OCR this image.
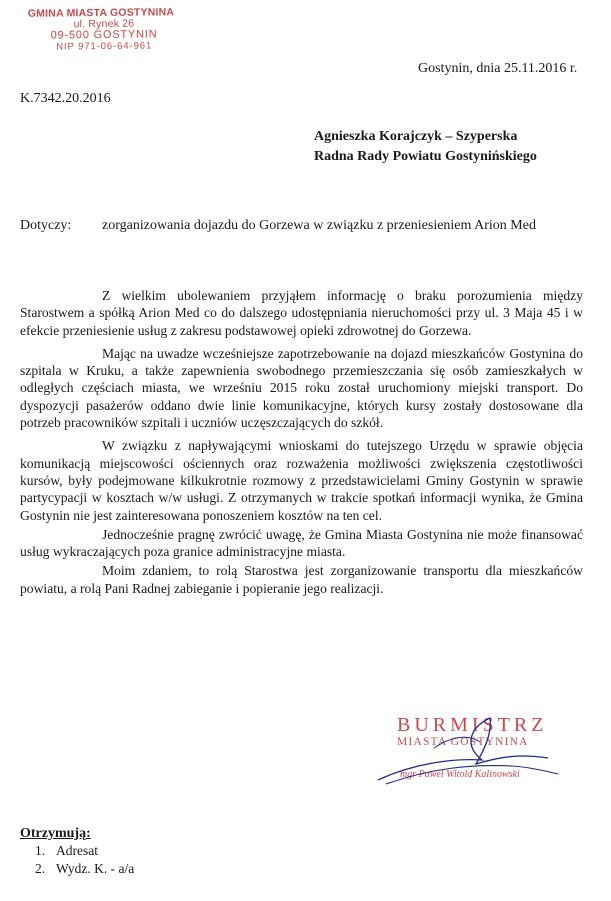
GMINA MIASTA GOSTYNINA
ul. Rynek 26
09-500 GOSTYNIN
NIP 971-06-64-961
Gostynin, dnia 25.11.2016 r.
K.7342.20.2016
Agnieszka Korajczyk – Szyperska
Radna Rady Powiatu Gostynińskiego
Dotyczy: zorganizowania dojazdu do Gorzewa w związku z przeniesieniem Arion Med

Z wielkim ubolewaniem przyjąłem informację o braku porozumienia między Starostwem a spółką Arion Med co do dalszego udostępniania nieruchomości przy ul. 3 Maja 45 i w efekcie przeniesienie usług z zakresu podstawowej opieki zdrowotnej do Gorzewa.

Mając na uwadze wcześniejsze zapotrzebowanie na dojazd mieszkańców Gostynina do szpitala w Kruku, a także zapewnienia swobodnego przemieszczania się osób zamieszkałych w odległych częściach miasta, we wrześniu 2015 roku został uruchomiony miejski transport. Do dyspozycji pasażerów oddano dwie linie komunikacyjne, których kursy zostały dostosowane dla potrzeb pracowników szpitali i uczniów uczęszczających do szkół.

W związku z napływającymi wnioskami do tutejszego Urzędu w sprawie objęcia komunikacją miejscowości ościennych oraz rozważenia możliwości zwiększenia częstotliwości kursów, były podejmowane kilkukrotnie rozmowy z przedstawicielami Gminy Gostynin w sprawie partycypacji w kosztach w/w usługi. Z otrzymanych w trakcie spotkań informacji wynika, że Gmina Gostynin nie jest zainteresowana ponoszeniem kosztów na ten cel.

Jednocześnie pragnę zwrócić uwagę, że Gmina Miasta Gostynina nie może finansować usług wykraczających poza granice administracyjne miasta.

Moim zdaniem, to rolą Starostwa jest zorganizowanie transportu dla mieszkańców powiatu, a rolą Pani Radnej zabieganie i popieranie jego realizacji.

BURMISTRZ
MIASTA GOSTYNINA
mgr Paweł Witold Kalinowski
Otrzymują:
1. Adresat
2. Wydz. K. - a/a
